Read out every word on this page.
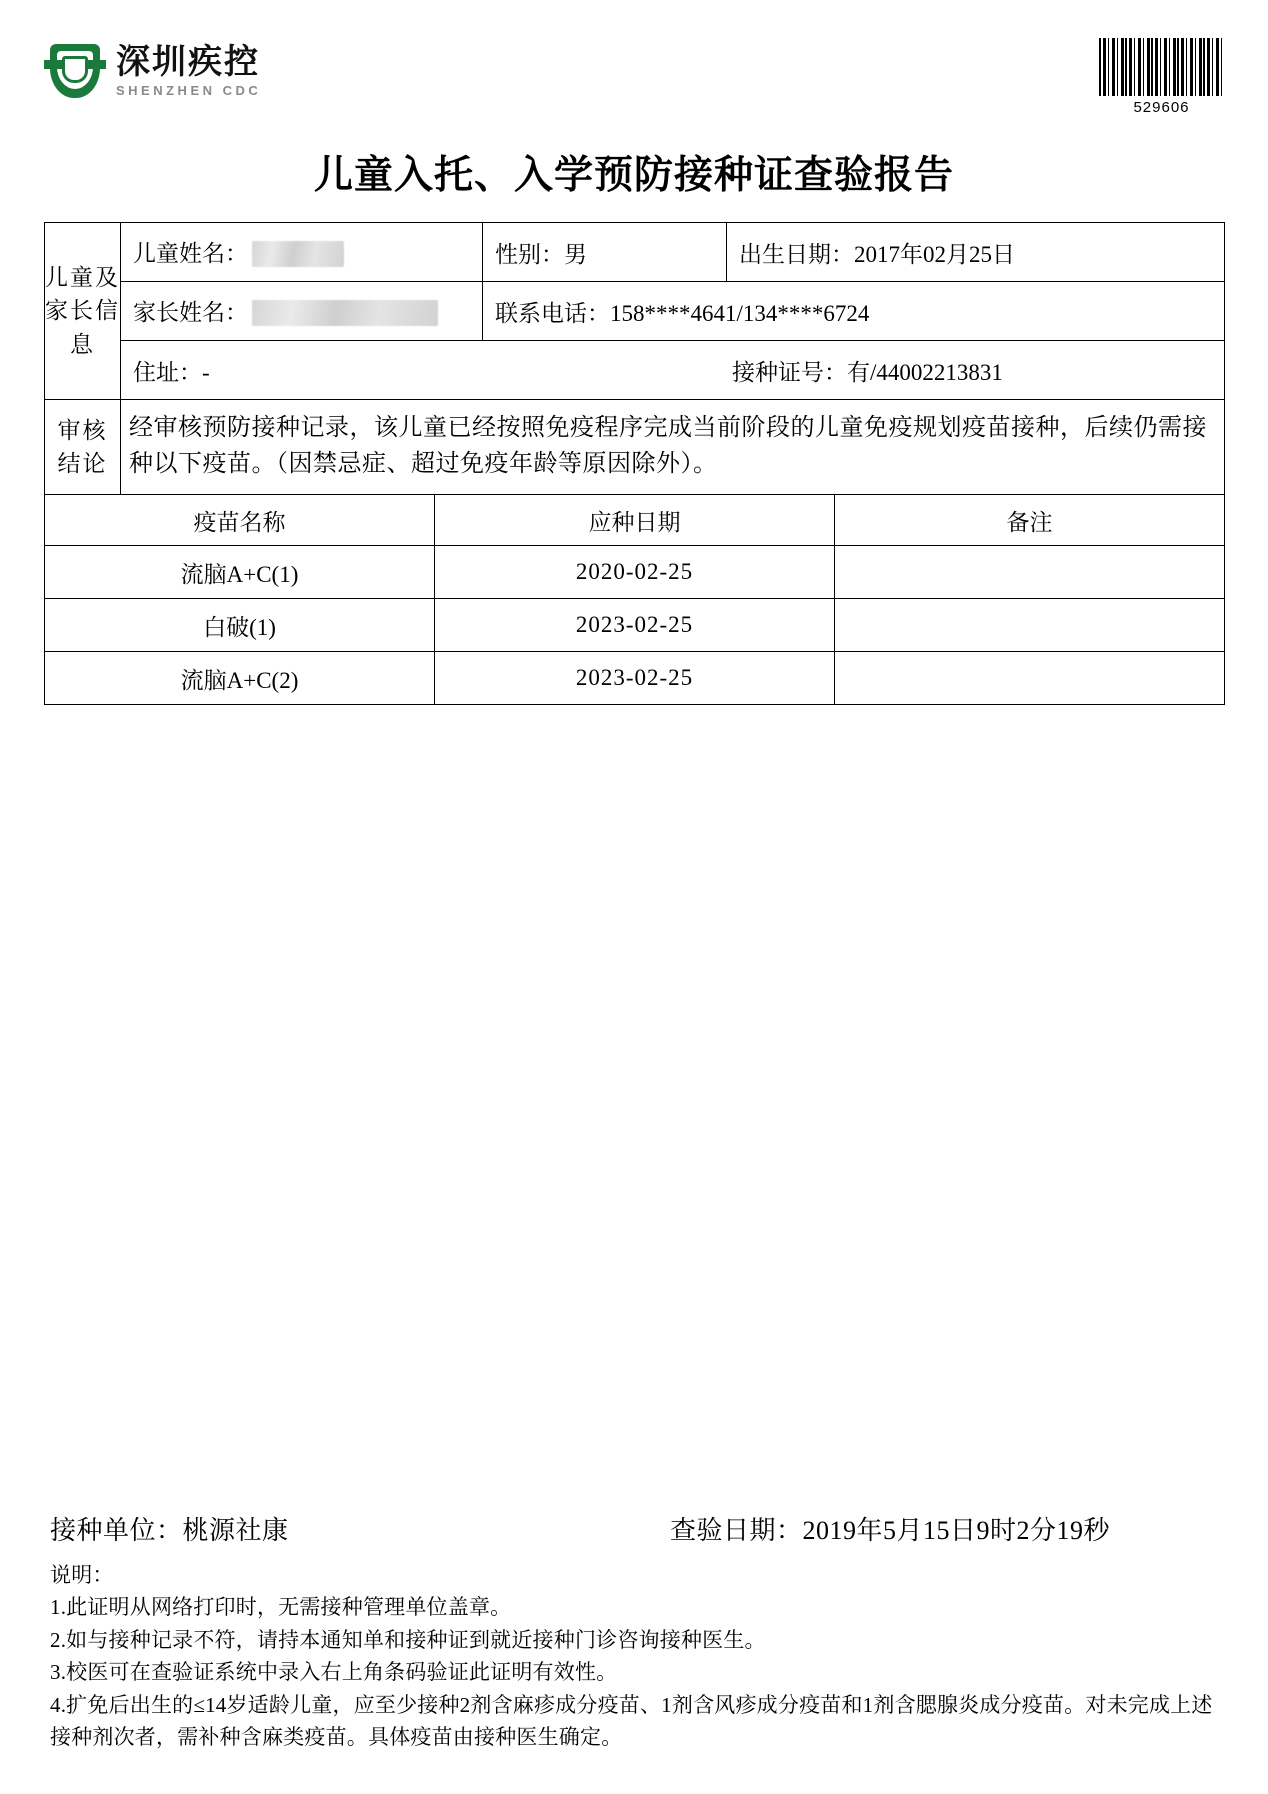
深圳疾控
SHENZHEN CDC
529606
儿童入托、入学预防接种证查验报告
儿童及家长信息	儿童姓名：	性别：男	出生日期：2017年02月25日
	家长姓名：	联系电话：158****4641/134****6724	

	住址：- 接种证号：有/44002213831		

审核
结论	经审核预防接种记录，该儿童已经按照免疫程序完成当前阶段的儿童免疫规划疫苗接种，后续仍需接种以下疫苗。（因禁忌症、超过免疫年龄等原因除外）。		
疫苗名称	应种日期	备注
流脑A+C(1)	2020-02-25	
白破(1)	2023-02-25	
流脑A+C(2)	2023-02-25	
接种单位：桃源社康	查验日期：2019年5月15日9时2分19秒
说明：
1.此证明从网络打印时，无需接种管理单位盖章。
2.如与接种记录不符，请持本通知单和接种证到就近接种门诊咨询接种医生。
3.校医可在查验证系统中录入右上角条码验证此证明有效性。
4.扩免后出生的≤14岁适龄儿童，应至少接种2剂含麻疹成分疫苗、1剂含风疹成分疫苗和1剂含腮腺炎成分疫苗。对未完成上述接种剂次者，需补种含麻类疫苗。具体疫苗由接种医生确定。
